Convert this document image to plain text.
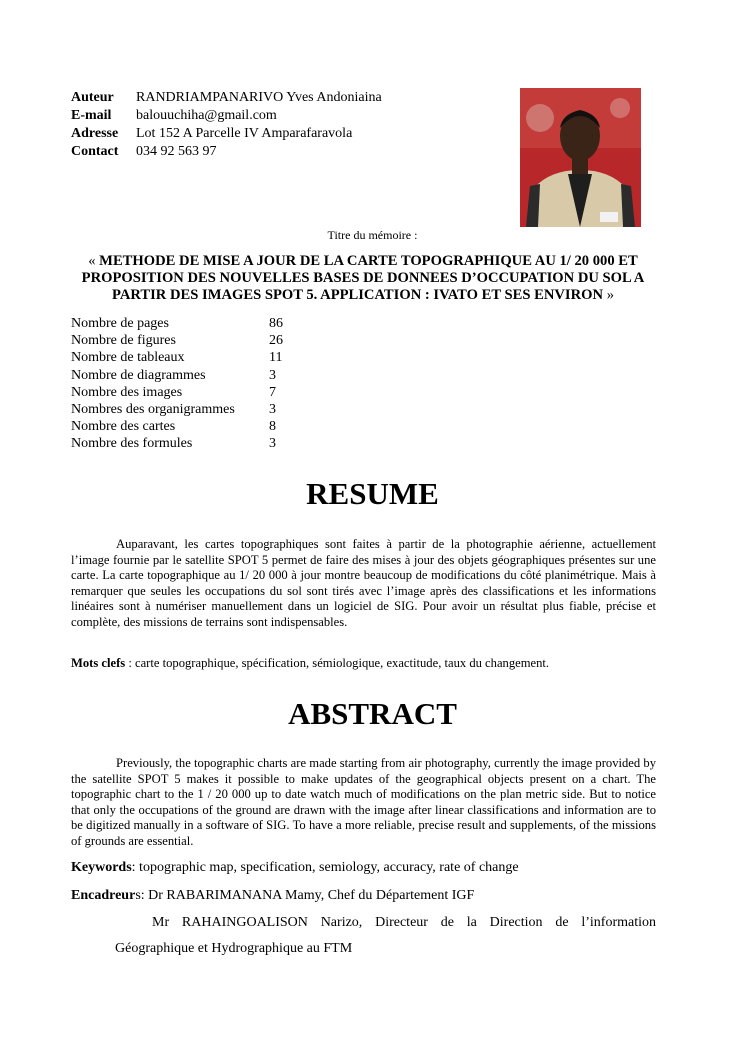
Auteur	RANDRIAMPANARIVO Yves Andoniaina
E-mail	balouuchiha@gmail.com
Adresse	Lot 152 A Parcelle IV Amparafaravola
Contact	034 92 563 97
Titre du mémoire :
« METHODE DE MISE A JOUR DE LA CARTE TOPOGRAPHIQUE AU 1/ 20 000 ET PROPOSITION DES NOUVELLES BASES DE DONNEES D’OCCUPATION DU SOL A PARTIR DES IMAGES SPOT 5. APPLICATION : IVATO ET SES ENVIRON »
Nombre de pages	86
Nombre de figures	26
Nombre de tableaux	11
Nombre de diagrammes	3
Nombre des images	7
Nombres des organigrammes	3
Nombre des cartes	8
Nombre des formules	3
RESUME

Auparavant, les cartes topographiques sont faites à partir de la photographie aérienne, actuellement l’image fournie par le satellite SPOT 5 permet de faire des mises à jour des objets géographiques présentes sur une carte. La carte topographique au 1/ 20 000 à jour montre beaucoup de modifications du côté planimétrique. Mais à remarquer que seules les occupations du sol sont tirés avec l’image après des classifications et les informations linéaires sont à numériser manuellement dans un logiciel de SIG. Pour avoir un résultat plus fiable, précise et complète, des missions de terrains sont indispensables.

Mots clefs : carte topographique, spécification, sémiologique, exactitude, taux du changement.
ABSTRACT

Previously, the topographic charts are made starting from air photography, currently the image provided by the satellite SPOT 5 makes it possible to make updates of the geographical objects present on a chart. The topographic chart to the 1 / 20 000 up to date watch much of modifications on the plan metric side. But to notice that only the occupations of the ground are drawn with the image after linear classifications and information are to be digitized manually in a software of SIG. To have a more reliable, precise result and supplements, of the missions of grounds are essential.

Keywords: topographic map, specification, semiology, accuracy, rate of change
Encadreurs: Dr RABARIMANANA Mamy, Chef du Département IGF
Mr RAHAINGOALISON Narizo, Directeur de la Direction de l’information
Géographique et Hydrographique au FTM
